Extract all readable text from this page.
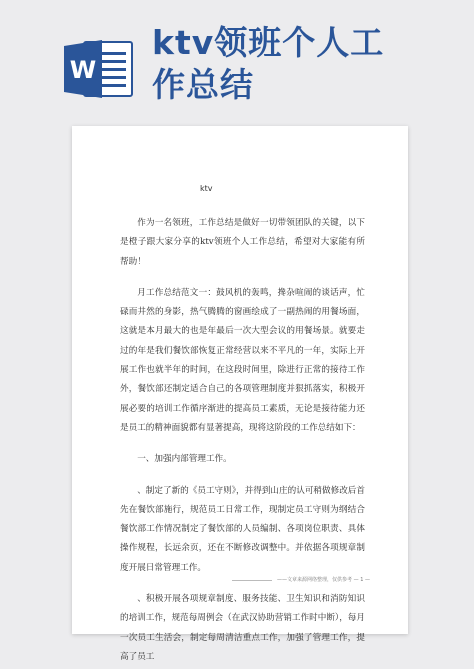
W
ktv领班个人工
作总结
ktv

作为一名领班，工作总结是做好一切带领团队的关键，以下是橙子跟大家分享的ktv领班个人工作总结，希望对大家能有所帮助！

月工作总结范文一：鼓风机的轰鸣，搀杂喧闹的谈话声，忙碌而井然的身影，热气腾腾的窗画绘成了一副热闹的用餐场面，这就是本月最大的也是年最后一次大型会议的用餐场景。就要走过的年是我们餐饮部恢复正常经营以来不平凡的一年，实际上开展工作也就半年的时间，在这段时间里，除进行正常的接待工作外，餐饮部还制定适合自己的各项管理制度并狠抓落实，积极开展必要的培训工作循序渐进的提高员工素质，无论是接待能力还是员工的精神面貌都有显著提高，现将这阶段的工作总结如下：

一、加强内部管理工作。

、制定了新的《员工守则》，并得到山庄的认可稍做修改后首先在餐饮部施行，规范员工日常工作，现制定员工守则为纲结合餐饮部工作情况制定了餐饮部的人员编制、各项岗位职责、具体操作规程，长远余页，还在不断修改调整中。并依据各项规章制度开展日常管理工作。

、积极开展各项规章制度、服务技能、卫生知识和消防知识的培训工作，规范每周例会（在武汉协助营销工作时中断），每月一次员工生活会，制定每周清洁重点工作，加强了管理工作，提高了员工

——文章来源网络整理，仅供参考 — 1 —
